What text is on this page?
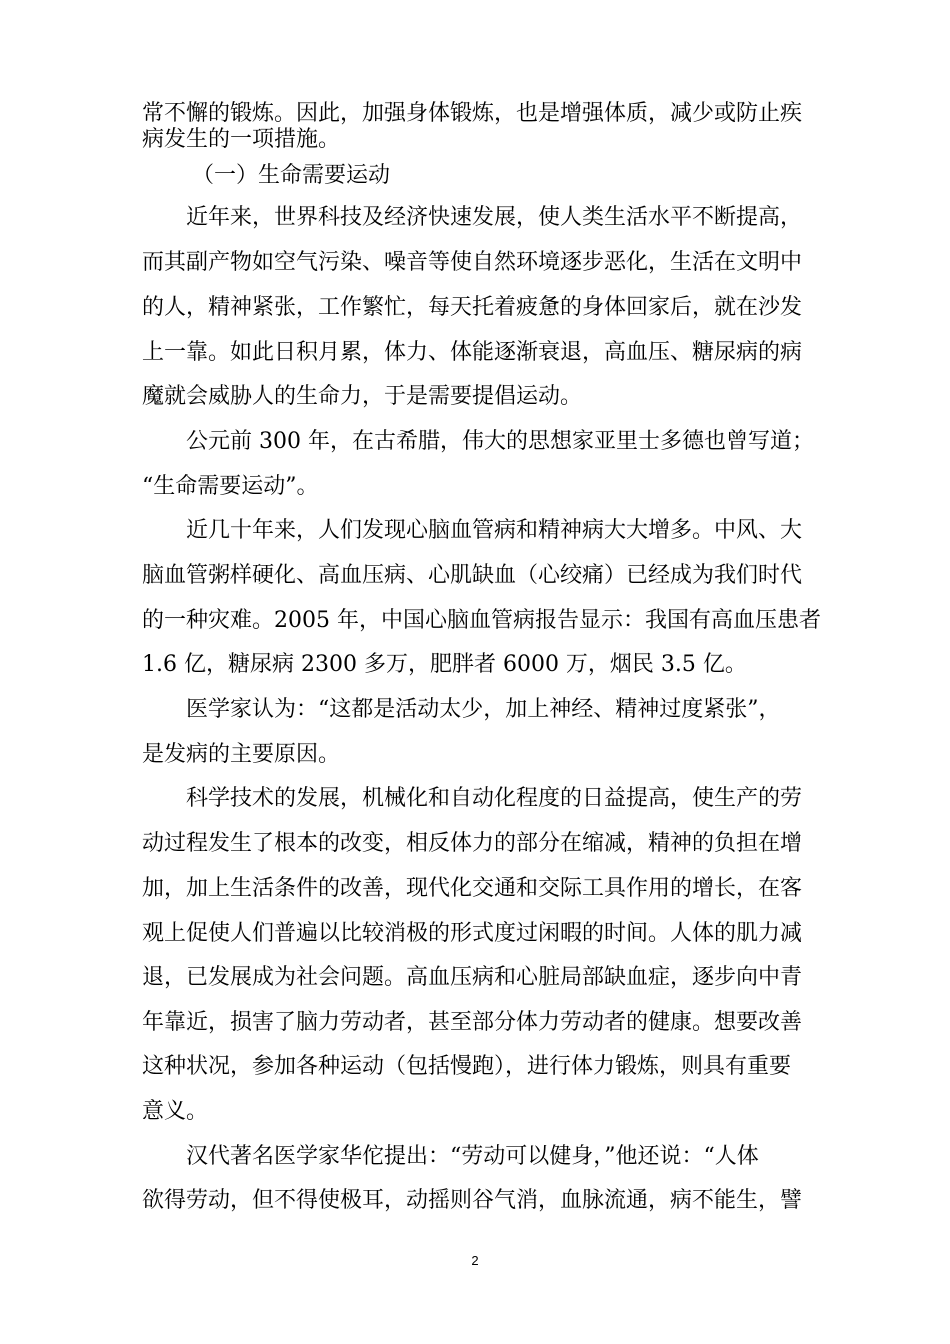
常不懈的锻炼。因此，加强身体锻炼，也是增强体质，减少或防止疾
病发生的一项措施。
（一）生命需要运动
近年来，世界科技及经济快速发展，使人类生活水平不断提高，
而其副产物如空气污染、噪音等使自然环境逐步恶化，生活在文明中
的人，精神紧张，工作繁忙，每天托着疲惫的身体回家后，就在沙发
上一靠。如此日积月累，体力、体能逐渐衰退，高血压、糖尿病的病
魔就会威胁人的生命力，于是需要提倡运动。
公元前 300 年，在古希腊，伟大的思想家亚里士多德也曾写道；
“生命需要运动”。
近几十年来，人们发现心脑血管病和精神病大大增多。中风、大
脑血管粥样硬化、高血压病、心肌缺血（心绞痛）已经成为我们时代
的一种灾难。2005 年，中国心脑血管病报告显示：我国有高血压患者
1.6 亿，糖尿病 2300 多万，肥胖者 6000 万，烟民 3.5 亿。
医学家认为：“这都是活动太少，加上神经、精神过度紧张”，
是发病的主要原因。
科学技术的发展，机械化和自动化程度的日益提高，使生产的劳
动过程发生了根本的改变，相反体力的部分在缩减，精神的负担在增
加，加上生活条件的改善，现代化交通和交际工具作用的增长，在客
观上促使人们普遍以比较消极的形式度过闲暇的时间。人体的肌力减
退，已发展成为社会问题。高血压病和心脏局部缺血症，逐步向中青
年靠近，损害了脑力劳动者，甚至部分体力劳动者的健康。想要改善
这种状况，参加各种运动（包括慢跑），进行体力锻炼，则具有重要
意义。
汉代著名医学家华佗提出：“劳动可以健身，”他还说：“人体
欲得劳动，但不得使极耳，动摇则谷气消，血脉流通，病不能生，譬
2
